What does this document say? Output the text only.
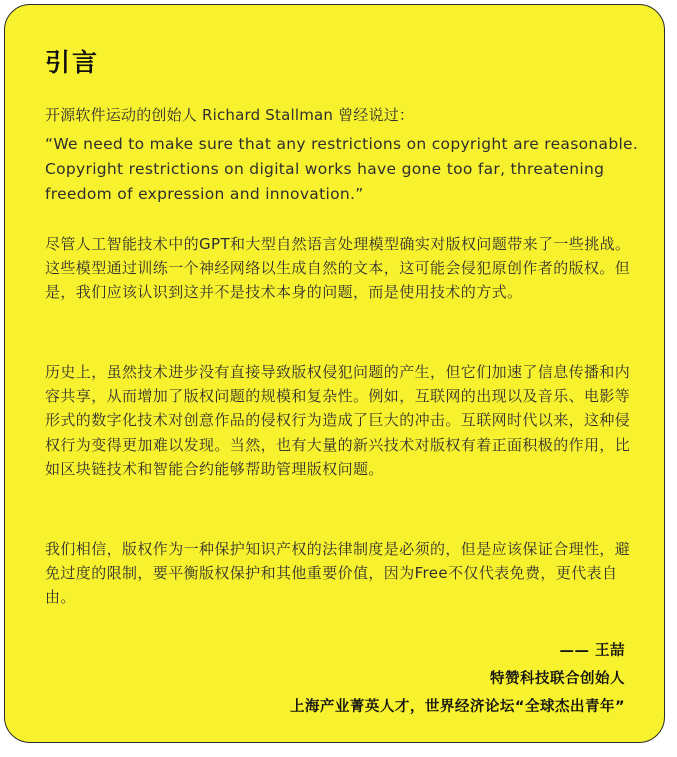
引言
开源软件运动的创始人 Richard Stallman 曾经说过：
“We need to make sure that any restrictions on copyright are reasonable. Copyright restrictions on digital works have gone too far, threatening freedom of expression and innovation.”

尽管人工智能技术中的GPT和大型自然语言处理模型确实对版权问题带来了一些挑战。这些模型通过训练一个神经网络以生成自然的文本，这可能会侵犯原创作者的版权。但是，我们应该认识到这并不是技术本身的问题，而是使用技术的方式。

历史上，虽然技术进步没有直接导致版权侵犯问题的产生，但它们加速了信息传播和内容共享，从而增加了版权问题的规模和复杂性。例如，互联网的出现以及音乐、电影等形式的数字化技术对创意作品的侵权行为造成了巨大的冲击。互联网时代以来，这种侵权行为变得更加难以发现。当然，也有大量的新兴技术对版权有着正面积极的作用，比如区块链技术和智能合约能够帮助管理版权问题。

我们相信，版权作为一种保护知识产权的法律制度是必须的，但是应该保证合理性，避免过度的限制，要平衡版权保护和其他重要价值，因为Free不仅代表免费，更代表自由。

—— 王喆
特赞科技联合创始人
上海产业菁英人才，世界经济论坛“全球杰出青年”
